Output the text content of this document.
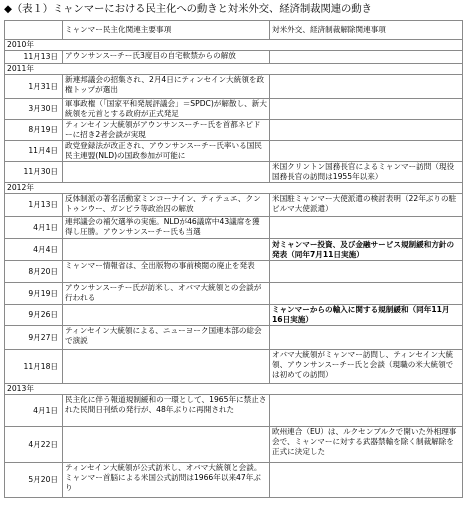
◆（表１）ミャンマーにおける民主化への動きと対米外交、経済制裁関連の動き
	ミャンマー民主化関連主要事項	対米外交、経済制裁解除関連事項
2010年		
11月13日	アウンサンスーチー氏3度目の自宅軟禁からの解放	
2011年		
1月31日	新連邦議会の招集され、2月4日にティンセイン大統領を政権トップが選出	
3月30日	軍事政権（「国家平和発展評議会」＝SPDC)が解散し、新大統領を元首とする政府が正式発足	
8月19日	ティンセイン大統領がアウンサンスーチー氏を首都ネピドーに招き2者会談が実現	
11月4日	政党登録法が改正され、アウンサンスーチー氏率いる国民民主連盟(NLD)の国政参加が可能に	
11月30日		米国クリントン国務長官によるミャンマー訪問（現役国務長官の訪問は1955年以来）
2012年		
1月13日	反体制派の著名活動家ミンコーナイン、ティテュエ、クントゥンウー、ガンビラ等政治囚の解放	米国駐ミャンマー大使派遣の検討表明（22年ぶりの駐ビルマ大使派遣）
4月1日	連邦議会の補欠選挙の実施。NLDが46議席中43議席を獲得し圧勝。アウンサンスーチー氏も当選	
4月4日		対ミャンマー投資、及び金融サービス規制緩和方針の発表（同年7月11日実施）
8月20日	ミャンマー情報省は、全出版物の事前検閲の廃止を発表	
9月19日	アウンサンスーチー氏が訪米し、オバマ大統領との会談が行われる	
9月26日		ミャンマーからの輸入に関する規制緩和（同年11月16日実施）
9月27日	ティンセイン大統領による、ニューヨーク国連本部の総会で演説	
11月18日		オバマ大統領がミャンマー訪問し、ティンセイン大統領、アウンサンスーチー氏と会談（現職の米大統領では初めての訪問）
2013年		
4月1日	民主化に伴う報道規制緩和の一環として、1965年に禁止された民間日刊紙の発行が、48年ぶりに再開された	
4月22日		欧州連合（EU）は、ルクセンブルクで開いた外相理事会で、ミャンマーに対する武器禁輸を除く制裁解除を正式に決定した
5月20日	ティンセイン大統領が公式訪米し、オバマ大統領と会談。ミャンマー首脳による米国公式訪問は1966年以来47年ぶり	
